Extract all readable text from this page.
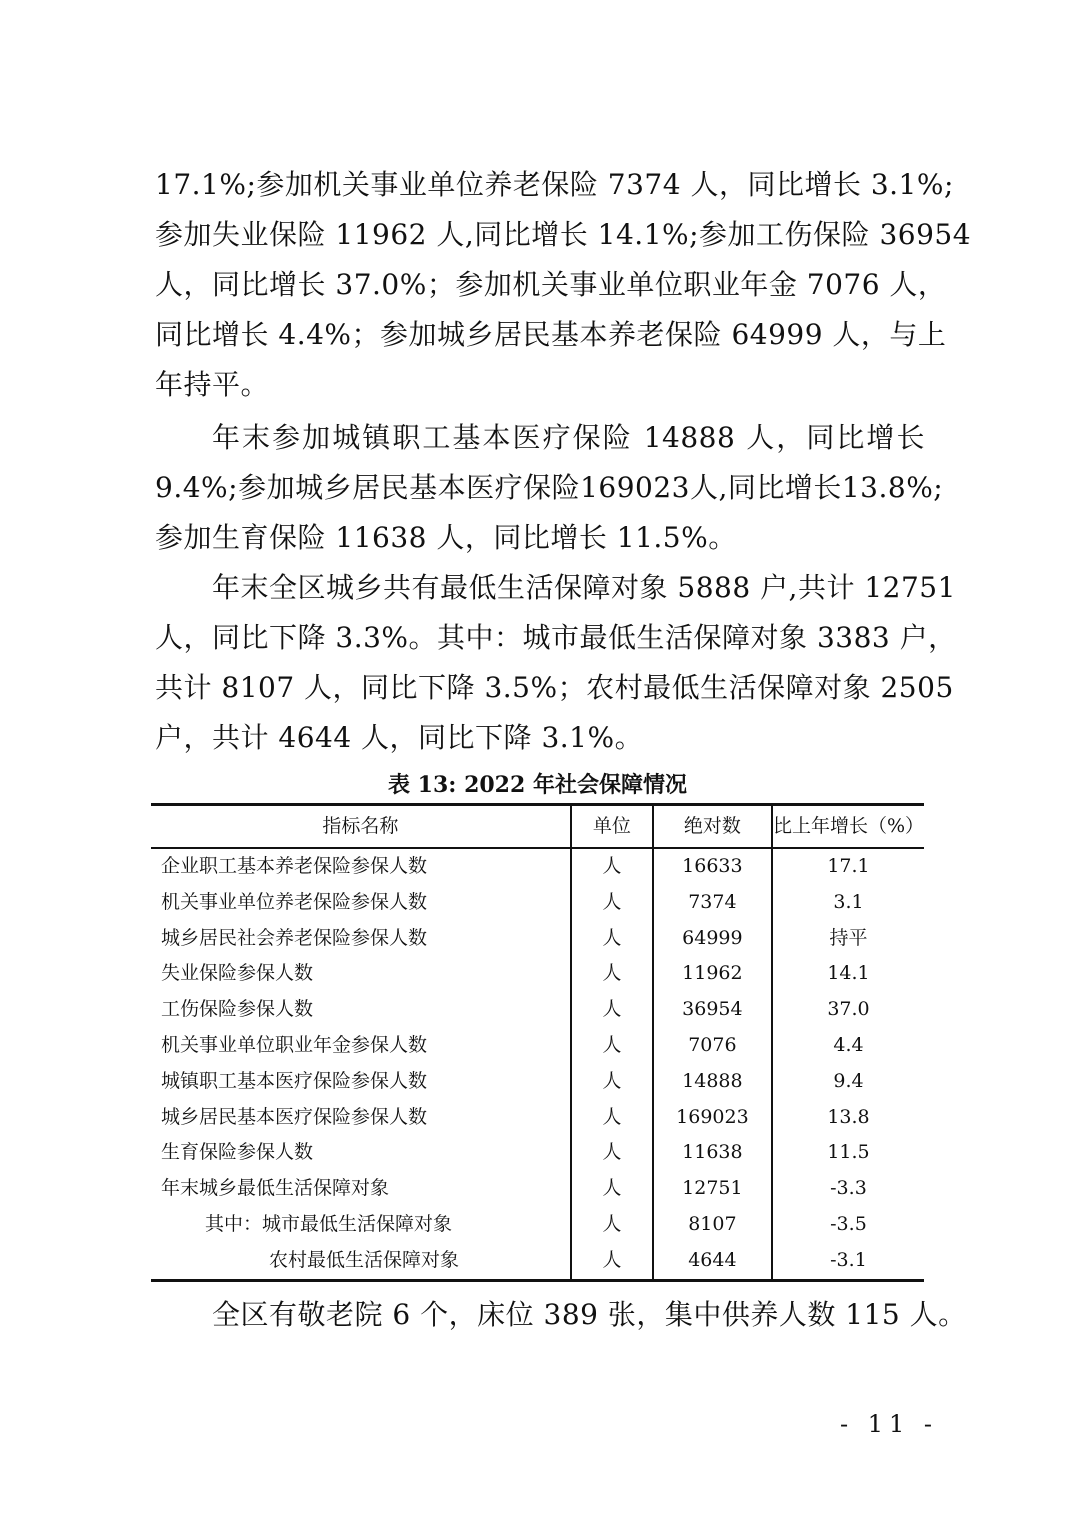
17.1%;参加机关事业单位养老保险 7374 人，同比增长 3.1%;
参加失业保险 11962 人,同比增长 14.1%;参加工伤保险 36954
人，同比增长 37.0%；参加机关事业单位职业年金 7076 人，
同比增长 4.4%；参加城乡居民基本养老保险 64999 人，与上
年持平。
年末参加城镇职工基本医疗保险 14888 人，同比增长
9.4%;参加城乡居民基本医疗保险169023人,同比增长13.8%;
参加生育保险 11638 人，同比增长 11.5%。
年末全区城乡共有最低生活保障对象 5888 户,共计 12751
人，同比下降 3.3%。其中：城市最低生活保障对象 3383 户，
共计 8107 人，同比下降 3.5%；农村最低生活保障对象 2505
户，共计 4644 人，同比下降 3.1%。
表 13: 2022 年社会保障情况
指标名称	单位	绝对数	比上年增长（%）
企业职工基本养老保险参保人数	人	16633	17.1
机关事业单位养老保险参保人数	人	7374	3.1
城乡居民社会养老保险参保人数	人	64999	持平
失业保险参保人数	人	11962	14.1
工伤保险参保人数	人	36954	37.0
机关事业单位职业年金参保人数	人	7076	4.4
城镇职工基本医疗保险参保人数	人	14888	9.4
城乡居民基本医疗保险参保人数	人	169023	13.8
生育保险参保人数	人	11638	11.5
年末城乡最低生活保障对象	人	12751	-3.3
其中：城市最低生活保障对象	人	8107	-3.5
农村最低生活保障对象	人	4644	-3.1
全区有敬老院 6 个，床位 389 张，集中供养人数 115 人。
- 11 -
